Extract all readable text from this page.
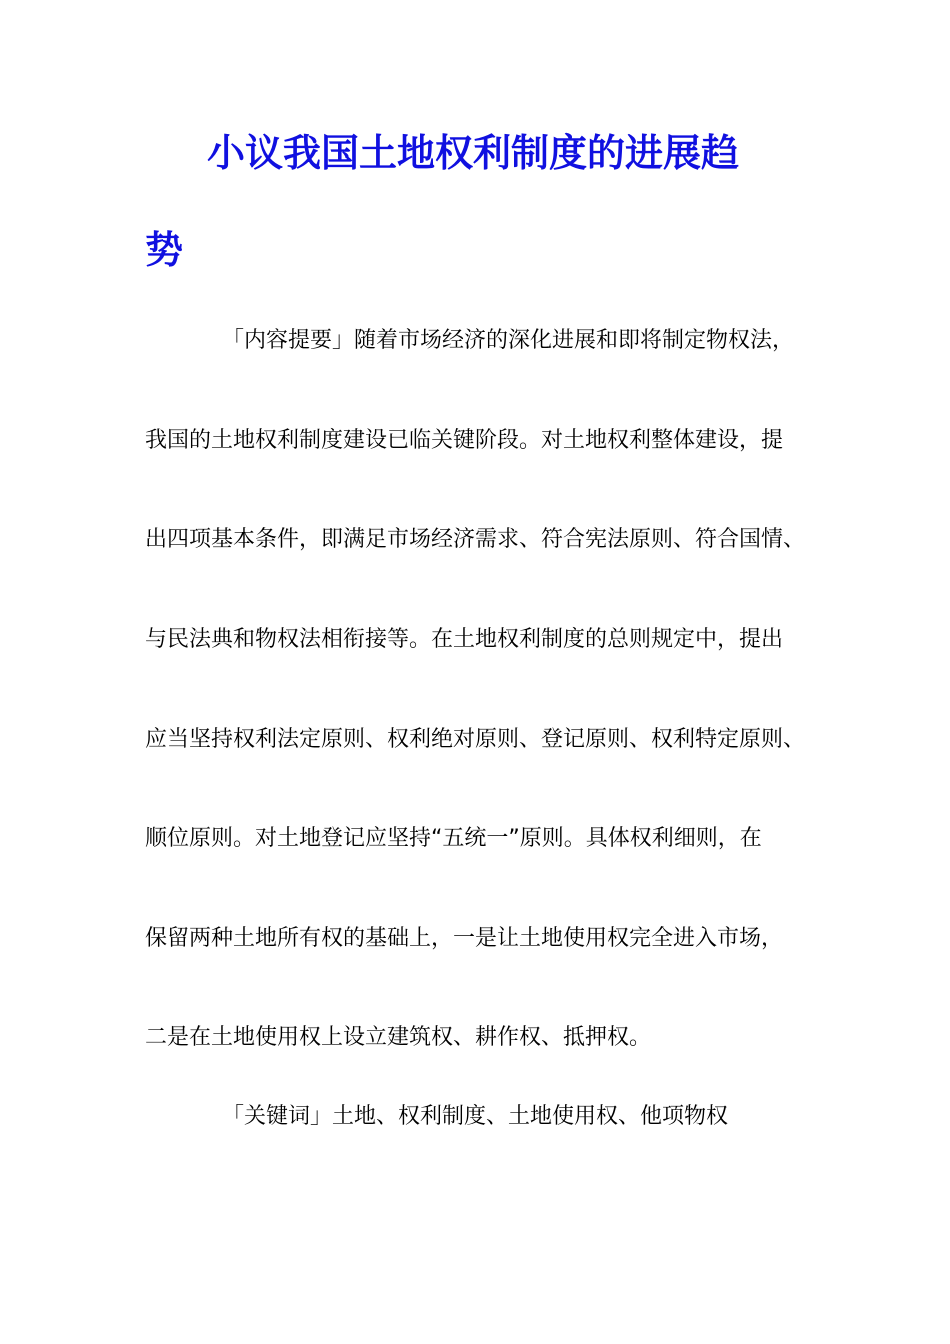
小议我国土地权利制度的进展趋
势
「内容提要」随着市场经济的深化进展和即将制定物权法，
我国的土地权利制度建设已临关键阶段。对土地权利整体建设，提
出四项基本条件，即满足市场经济需求、符合宪法原则、符合国情、
与民法典和物权法相衔接等。在土地权利制度的总则规定中，提出
应当坚持权利法定原则、权利绝对原则、登记原则、权利特定原则、
顺位原则。对土地登记应坚持“五统一”原则。具体权利细则，在
保留两种土地所有权的基础上，一是让土地使用权完全进入市场，
二是在土地使用权上设立建筑权、耕作权、抵押权。
「关键词」土地、权利制度、土地使用权、他项物权
